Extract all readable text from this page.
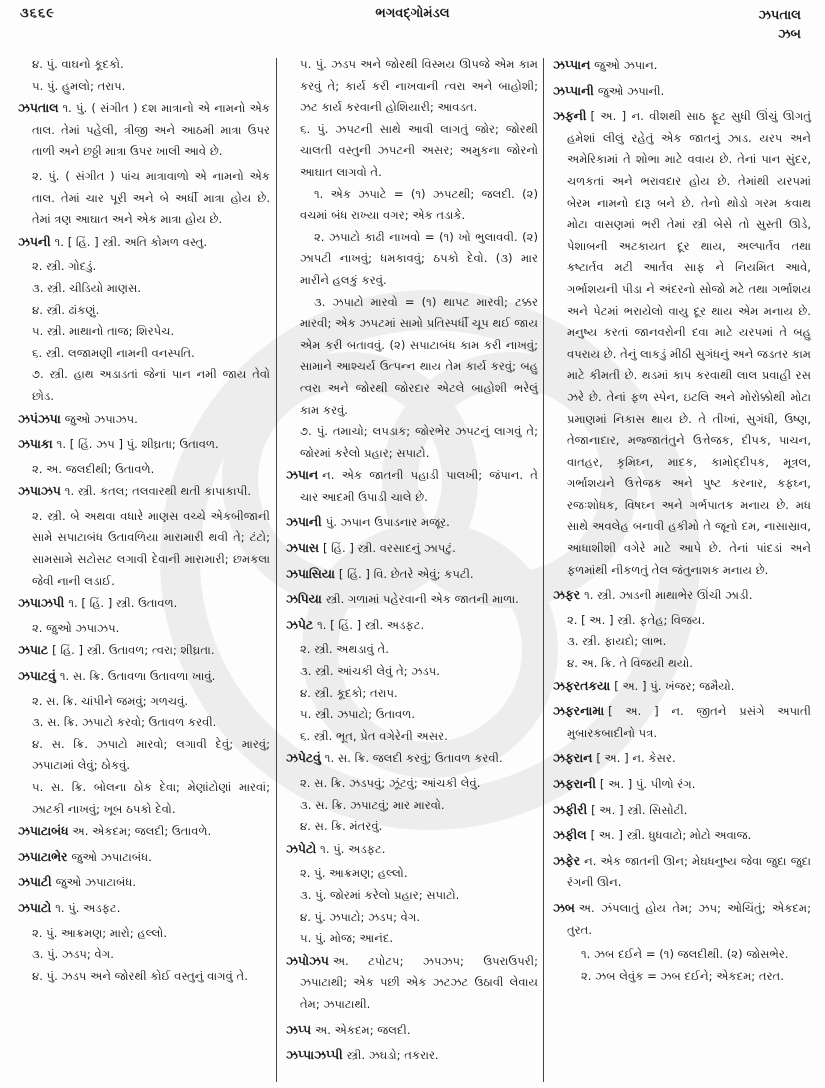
૩૬૬૯	ભગવદ્ગોમંડલ	ઝપતાલ
ઝબ
૪. પું. વાઘનો કૂદકો.
૫. પું. હુમલો; તરાપ.
ઝપતાલ ૧. પું. ( સંગીત ) દશ માત્રાનો એ નામનો એક તાલ. તેમાં પહેલી, ત્રીજી અને આઠમી માત્રા ઉપર તાળી અને છઠ્ઠી માત્રા ઉપર ખાલી આવે છે.
૨. પું. ( સંગીત ) પાંચ માત્રાવાળો એ નામનો એક તાલ. તેમાં ચાર પૂરી અને બે અર્ધી માત્રા હોય છે. તેમાં ત્રણ આઘાત અને એક માત્રા હોય છે.
ઝપની ૧. [ હિં. ] સ્ત્રી. અતિ કોમળ વસ્તુ.
૨. સ્ત્રી. ગોદડું.
૩. સ્ત્રી. ચીડિયો માણસ.
૪. સ્ત્રી. ઢાંકણું.
૫. સ્ત્રી. માથાનો તાજ; શિરપેચ.
૬. સ્ત્રી. લજામણી નામની વનસ્પતિ.
૭. સ્ત્રી. હાથ અડાડતાં જેનાં પાન નમી જાય તેવો છોડ.
ઝપંઝપા જુઓ ઝપાઝપ.
ઝપાકા ૧. [ હિં. ઝપ ] પું. શીઘ્રતા; ઉતાવળ.
૨. અ. જલદીથી; ઉતાવળે.
ઝપાઝપ ૧. સ્ત્રી. કતલ; તલવારથી થતી કાપાકાપી.
૨. સ્ત્રી. બે અથવા વધારે માણસ વચ્ચે એકબીજાની સામે સપાટાબંધ ઉતાવળિયા મારામારી થવી તે; ટંટો; સામસામે સટોસટ લગાવી દેવાની મારામારી; છમકલા જેવી નાની લડાઈ.
ઝપાઝપી ૧. [ હિં. ] સ્ત્રી. ઉતાવળ.
૨. જુઓ ઝપાઝપ.
ઝપાટ [ હિં. ] સ્ત્રી. ઉતાવળ; ત્વરા; શીઘ્રતા.
ઝપાટવું ૧. સ. ક્રિ. ઉતાવળા ઉતાવળા ખાવું.
૨. સ. ક્રિ. ચાંપીને જમવું; ગળચવું.
૩. સ. ક્રિ. ઝપાટો કરવો; ઉતાવળ કરવી.
૪. સ. ક્રિ. ઝપાટો મારવો; લગાવી દેવું; મારવું; ઝપાટામાં લેવું; ઠોકવું.
૫. સ. ક્રિ. બોલના ઠોક દેવા; મેણાંટોણાં મારવાં; ઝાટકી નાખવું; ખૂબ ઠપકો દેવો.
ઝપાટાબંધ અ. એકદમ; જલદી; ઉતાવળે.
ઝપાટાભેર જુઓ ઝપાટાબંધ.
ઝપાટી જુઓ ઝપાટાબંધ.
ઝપાટો ૧. પું. અડફટ.
૨. પું. આક્રમણ; મારો; હલ્લો.
૩. પું. ઝડપ; વેગ.
૪. પું. ઝડપ અને જોરથી કોઈ વસ્તુનું વાગવું તે.
૫. પું. ઝડપ અને જોરથી વિસ્મય ઊપજે એમ કામ કરવું તે; કાર્ય કરી નાખવાની ત્વરા અને બાહોશી; ઝટ કાર્ય કરવાની હોશિયારી; આવડત.
૬. પું. ઝપટની સાથે આવી લાગતું જોર; જોરથી ચાલતી વસ્તુની ઝપટની અસર; અમુકના જોરનો આઘાત લાગવો તે.
૧. એક ઝપાટે = (૧) ઝપટથી; જલદી. (૨) વચમાં બંધ રાખ્યા વગર; એક તડાકે.
૨. ઝપાટો કાઢી નાખવો = (૧) ખો ભુલાવવી. (૨) ઝાપટી નાખવું; ધમકાવવું; ઠપકો દેવો. (૩) માર મારીને હલકું કરવું.
૩. ઝપાટો મારવો = (૧) થાપટ મારવી; ટક્કર મારવી; એક ઝપટમાં સામો પ્રતિસ્પર્ધી ચૂપ થઈ જાય એમ કરી બતાવવું. (૨) સપાટાબંધ કામ કરી નાખવું; સામાને આશ્ચર્ય ઉત્પન્ન થાય તેમ કાર્ય કરવું; બહુ ત્વરા અને જોરથી જોરદાર એટલે બાહોશી ભરેલું કામ કરવું.
૭. પું. તમાચો; લપડાક; જોરભેર ઝપટનું લાગવું તે; જોરમાં કરેલો પ્રહાર; સપાટો.
ઝપાન ન. એક જાતની પહાડી પાલખી; જંપાન. તે ચાર આદમી ઉપાડી ચાલે છે.
ઝપાની પું. ઝપાન ઉપાડનાર મજૂર.
ઝપાસ [ હિં. ] સ્ત્રી. વરસાદનું ઝાપટું.
ઝપાસિયા [ હિં. ] વિ. છેતરે એવું; કપટી.
ઝપિયા સ્ત્રી. ગળામાં પહેરવાની એક જાતની માળા.
ઝપેટ ૧. [ હિં. ] સ્ત્રી. અડફટ.
૨. સ્ત્રી. અથડાવું તે.
૩. સ્ત્રી. આંચકી લેવું તે; ઝડપ.
૪. સ્ત્રી. કૂદકો; તરાપ.
૫. સ્ત્રી. ઝપાટો; ઉતાવળ.
૬. સ્ત્રી. ભૂત, પ્રેત વગેરેની અસર.
ઝપેટવું ૧. સ. ક્રિ. જલદી કરવું; ઉતાવળ કરવી.
૨. સ. ક્રિ. ઝડપવું; ઝૂંટવું; આંચકી લેવું.
૩. સ. ક્રિ. ઝપાટવું; માર મારવો.
૪. સ. ક્રિ. મંતરવું.
ઝપેટો ૧. પું. અડફટ.
૨. પું. આક્રમણ; હલ્લો.
૩. પું. જોરમાં કરેલો પ્રહાર; સપાટો.
૪. પું. ઝપાટો; ઝડપ; વેગ.
૫. પું. મોજ; આનંદ.
ઝપોઝપ અ. ટપોટપ; ઝપઝપ; ઉપરાઉપરી; ઝપાટાથી; એક પછી એક ઝટઝટ ઉઠાવી લેવાય તેમ; ઝપાટાથી.
ઝપ્પ અ. એકદમ; જલદી.
ઝપ્પાઝપ્પી સ્ત્રી. ઝઘડો; તકરાર.
ઝપ્પાન જુઓ ઝપાન.
ઝપ્પાની જુઓ ઝપાની.
ઝફની [ અ. ] ન. વીશથી સાઠ ફૂટ સુધી ઊંચું ઊગતું હમેશાં લીલું રહેતું એક જાતનું ઝાડ. યરપ અને અમેરિકામાં તે શોભા માટે વવાય છે. તેનાં પાન સુંદર, ચળકતાં અને ભરાવદાર હોય છે. તેમાંથી યરપમાં બેરમ નામનો દારૂ બને છે. તેનો થોડો ગરમ કવાથ મોટા વાસણમાં ભરી તેમાં સ્ત્રી બેસે તો સુસ્તી ઊડે, પેશાબની અટકાયત દૂર થાય, અલ્પાર્તવ તથા કષ્ટાર્તવ મટી આર્તવ સાફ ને નિયમિત આવે, ગર્ભાશયની પીડા ને અંદરનો સોજો મટે તથા ગર્ભાશય અને પેટમાં ભરાયેલો વાયુ દૂર થાય એમ મનાય છે. મનુષ્ય કરતાં જાનવરોની દવા માટે યરપમાં તે બહુ વપરાય છે. તેનું લાકડું મીઠી સુગંધનું અને જડતર કામ માટે કીમતી છે. થડમાં કાપ કરવાથી લાલ પ્રવાહી રસ ઝરે છે. તેનાં ફળ સ્પેન, ઇટલિ અને મોરોક્કોથી મોટા પ્રમાણમાં નિકાસ થાય છે. તે તીખાં, સુગંધી, ઉષ્ણ, તેજાનાદાર, મજ્જાતંતુને ઉત્તેજક, દીપક, પાચન, વાતહર, કૃમિઘ્ન, માદક, કામોદ્દીપક, મૂત્રલ, ગર્ભાશયને ઉત્તેજક અને પુષ્ટ કરનાર, કફઘ્ન, રજઃશોધક, વિષઘ્ન અને ગર્ભપાતક મનાય છે. મધ સાથે અવલેહ બનાવી હકીમો તે જૂનો દમ, નાસાસ્રાવ, આધાશીશી વગેરે માટે આપે છે. તેનાં પાંદડાં અને ફળમાંથી નીકળતું તેલ જંતુનાશક મનાય છે.
ઝફર ૧. સ્ત્રી. ઝાડની માથાભેર ઊંચી ઝાડી.
૨. [ અ. ] સ્ત્રી. ફતેહ; વિજય.
૩. સ્ત્રી. ફાયદો; લાભ.
૪. અ. ક્રિ. તે વિજયી થયો.
ઝફરતકયા [ અ. ] પું. ખંજર; જમૈયો.
ઝફરનામા [ અ. ] ન. જીતને પ્રસંગે અપાતી મુબારકબાદીનો પત્ર.
ઝફરાન [ અ. ] ન. કેસર.
ઝફરાની [ અ. ] પું. પીળો રંગ.
ઝફીરી [ અ. ] સ્ત્રી. સિસોટી.
ઝફીલ [ અ. ] સ્ત્રી. ધુધવાટો; મોટો અવાજ.
ઝફેર ન. એક જાતની ઊન; મેઘધનુષ્ય જેવા જુદા જુદા રંગની ઊન.
ઝબ અ. ઝંપલાતું હોય તેમ; ઝપ; ઓચિંતું; એકદમ; તુરત.
૧. ઝબ દઈને = (૧) જલદીથી. (૨) જોસભેર.
૨. ઝબ લેવુંક = ઝબ દઈને; એકદમ; તરત.
